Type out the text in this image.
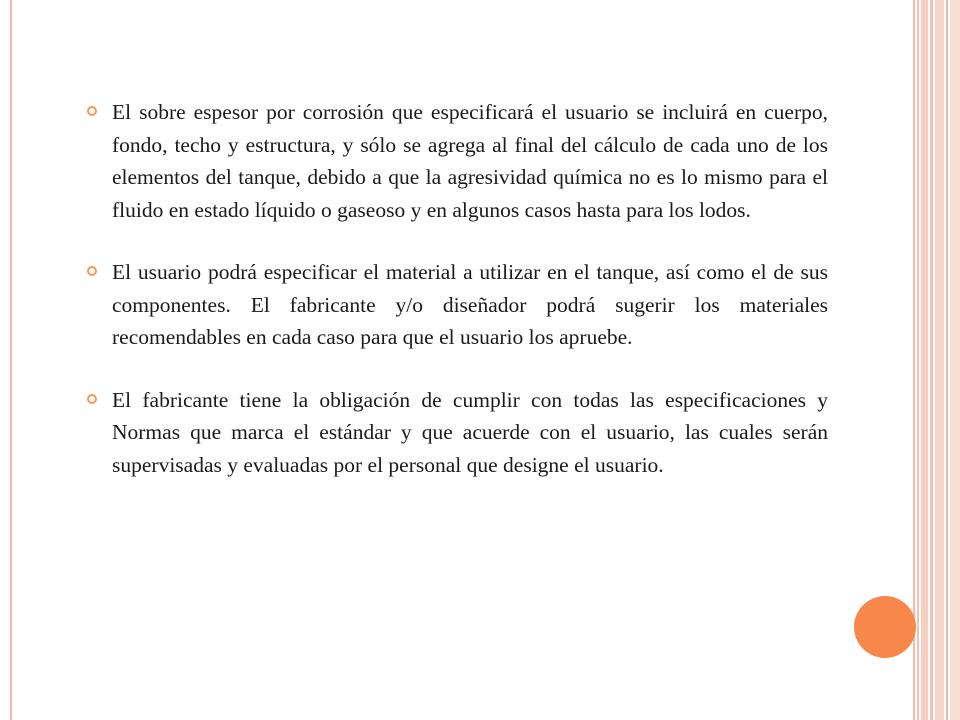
El sobre espesor por corrosión que especificará el usuario se incluirá en cuerpo, fondo, techo y estructura, y sólo se agrega al final del cálculo de cada uno de los elementos del tanque, debido a que la agresividad química no es lo mismo para el fluido en estado líquido o gaseoso y en algunos casos hasta para los lodos.

El usuario podrá especificar el material a utilizar en el tanque, así como el de sus componentes. El fabricante y/o diseñador podrá sugerir los materiales recomendables en cada caso para que el usuario los apruebe.

El fabricante tiene la obligación de cumplir con todas las especificaciones y Normas que marca el estándar y que acuerde con el usuario, las cuales serán supervisadas y evaluadas por el personal que designe el usuario.
